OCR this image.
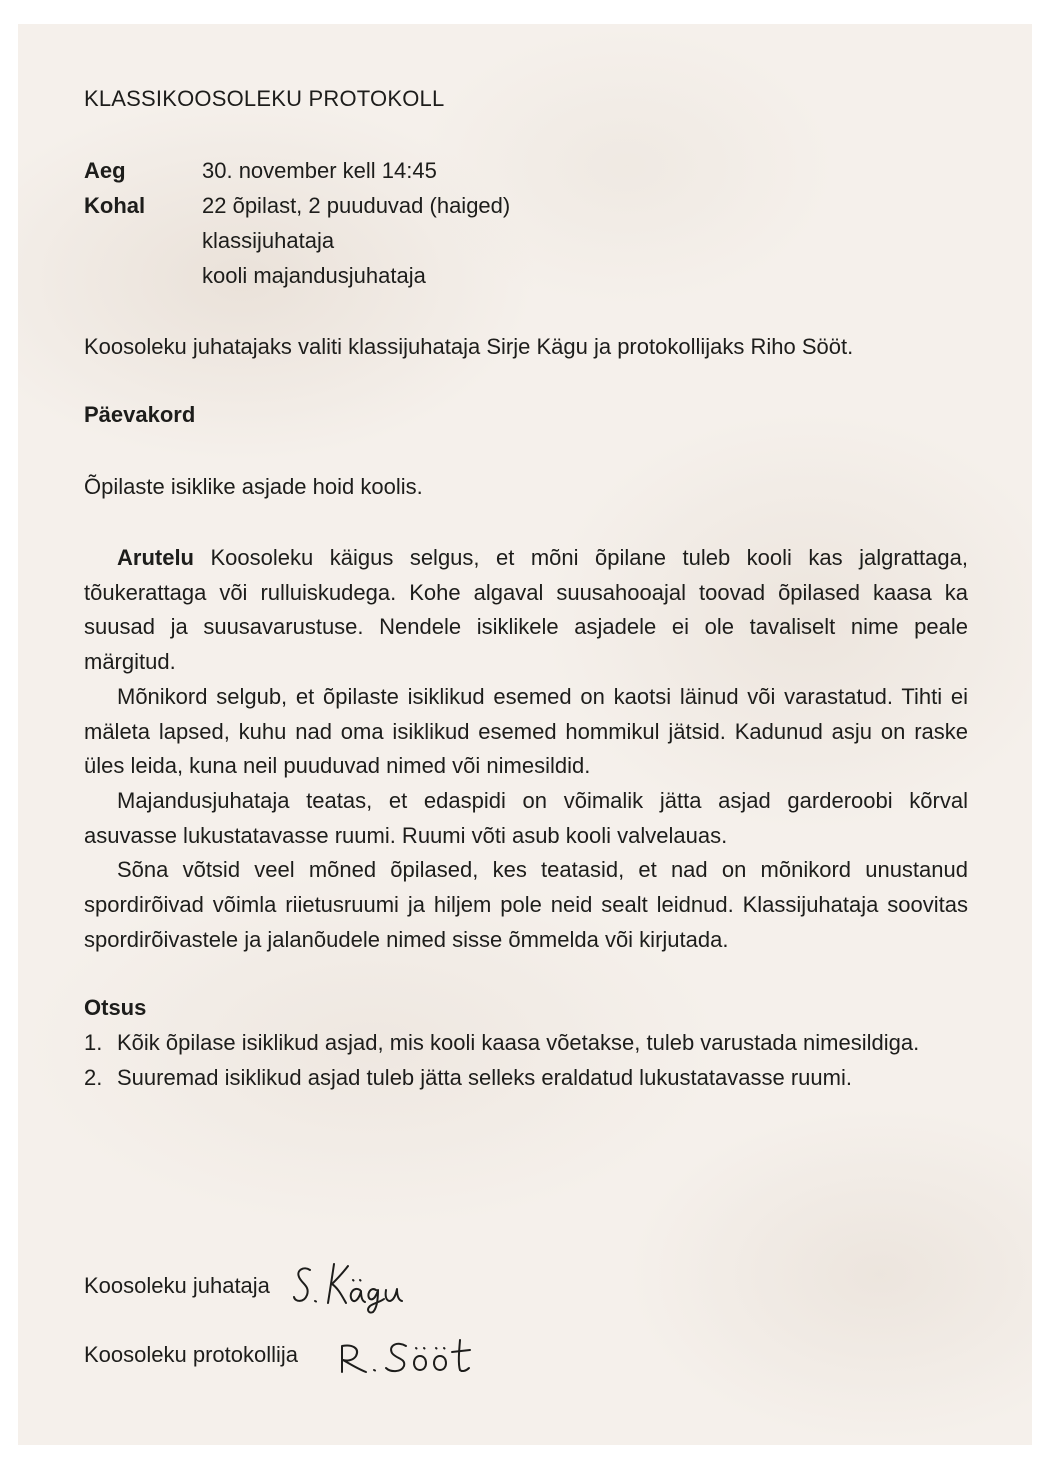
KLASSIKOOSOLEKU PROTOKOLL
Aeg	30. november kell 14:45
Kohal	22 õpilast, 2 puuduvad (haiged)
klassijuhataja
kooli majandusjuhataja
Koosoleku juhatajaks valiti klassijuhataja Sirje Kägu ja protokollijaks Riho Sööt.
Päevakord
Õpilaste isiklike asjade hoid koolis.

Arutelu Koosoleku käigus selgus, et mõni õpilane tuleb kooli kas jalgrattaga, tõukerattaga või rulluiskudega. Kohe algaval suusahooajal toovad õpilased kaasa ka suusad ja suusavarustuse. Nendele isiklikele asjadele ei ole tavaliselt nime peale märgitud.

Mõnikord selgub, et õpilaste isiklikud esemed on kaotsi läinud või varastatud. Tihti ei mäleta lapsed, kuhu nad oma isiklikud esemed hommikul jätsid. Kadunud asju on raske üles leida, kuna neil puuduvad nimed või nimesildid.

Majandusjuhataja teatas, et edaspidi on võimalik jätta asjad garderoobi kõrval asuvasse lukustatavasse ruumi. Ruumi võti asub kooli valvelauas.

Sõna võtsid veel mõned õpilased, kes teatasid, et nad on mõnikord unustanud spordirõivad võimla riietusruumi ja hiljem pole neid sealt leidnud. Klassijuhataja soovitas spordirõivastele ja jalanõudele nimed sisse õmmelda või kirjutada.

Otsus
1. Kõik õpilase isiklikud asjad, mis kooli kaasa võetakse, tuleb varustada nimesildiga.
2. Suuremad isiklikud asjad tuleb jätta selleks eraldatud lukustatavasse ruumi.
Koosoleku juhataja
Koosoleku protokollija
